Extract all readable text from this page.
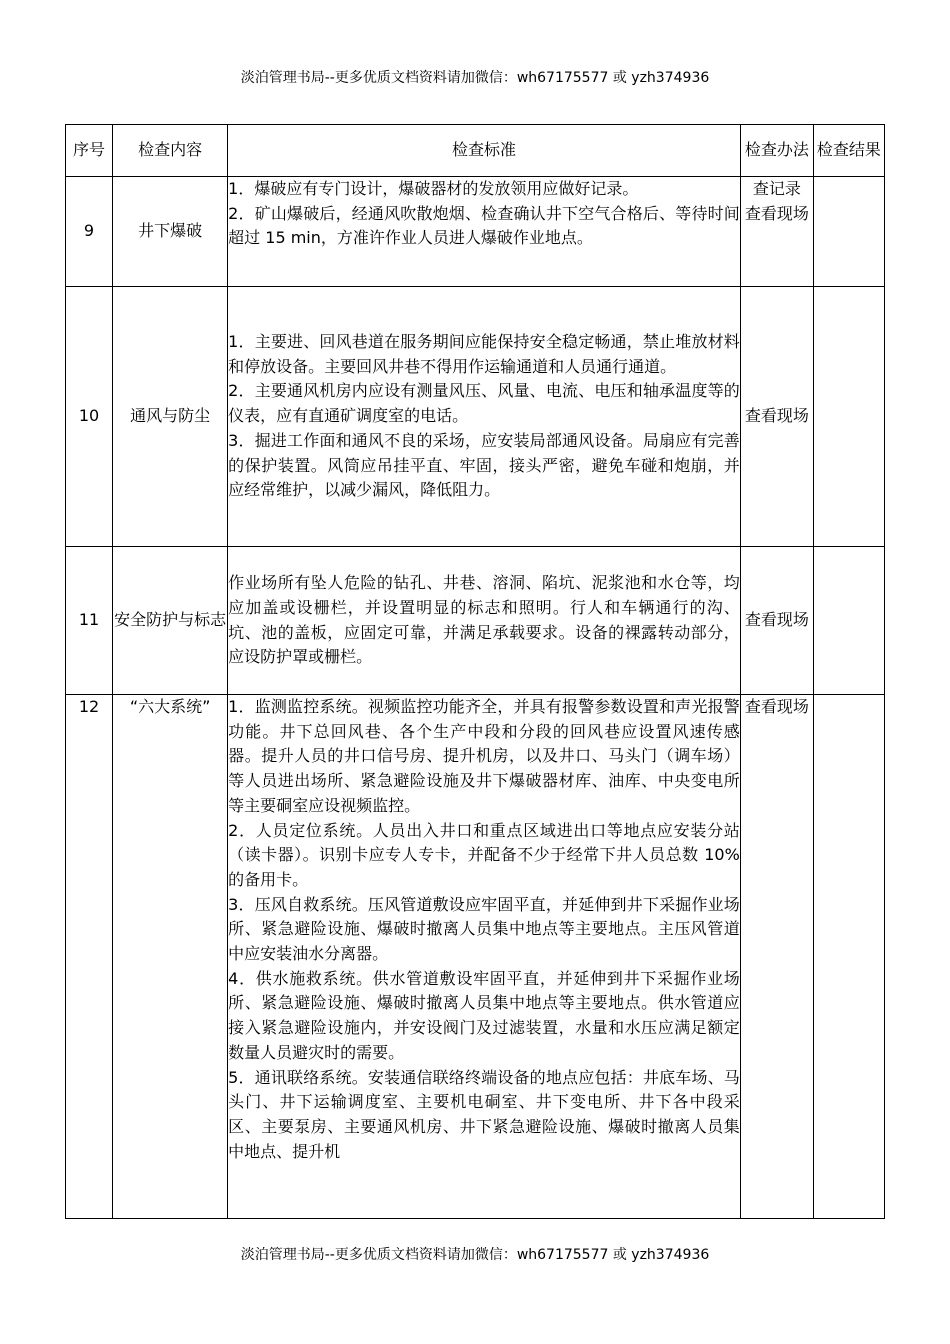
淡泊管理书局--更多优质文档资料请加微信：wh67175577 或 yzh374936
序号	检查内容	检查标准	检查办法	检查结果
9	井下爆破	1．爆破应有专门设计，爆破器材的发放领用应做好记录。
2．矿山爆破后，经通风吹散炮烟、检查确认井下空气合格后、等待时间超过 15 min，方准许作业人员进人爆破作业地点。	查记录
查看现场	

10	通风与防尘	1．主要进、回风巷道在服务期间应能保持安全稳定畅通，禁止堆放材料和停放设备。主要回风井巷不得用作运输通道和人员通行通道。
2．主要通风机房内应设有测量风压、风量、电流、电压和轴承温度等的仪表，应有直通矿调度室的电话。
3．掘进工作面和通风不良的采场，应安装局部通风设备。局扇应有完善的保护装置。风筒应吊挂平直、牢固，接头严密，避免车碰和炮崩，并应经常维护，以减少漏风，降低阻力。	查看现场	

11	安全防护与标志	作业场所有坠人危险的钻孔、井巷、溶洞、陷坑、泥浆池和水仓等，均应加盖或设栅栏，并设置明显的标志和照明。行人和车辆通行的沟、坑、池的盖板，应固定可靠，并满足承载要求。设备的裸露转动部分，应设防护罩或栅栏。	查看现场	

12	“六大系统”	1．监测监控系统。视频监控功能齐全，并具有报警参数设置和声光报警功能。井下总回风巷、各个生产中段和分段的回风巷应设置风速传感器。提升人员的井口信号房、提升机房，以及井口、马头门（调车场）等人员进出场所、紧急避险设施及井下爆破器材库、油库、中央变电所等主要硐室应设视频监控。
2．人员定位系统。人员出入井口和重点区域进出口等地点应安装分站（读卡器）。识别卡应专人专卡，并配备不少于经常下井人员总数 10%的备用卡。
3．压风自救系统。压风管道敷设应牢固平直，并延伸到井下采掘作业场所、紧急避险设施、爆破时撤离人员集中地点等主要地点。主压风管道中应安装油水分离器。
4．供水施救系统。供水管道敷设牢固平直，并延伸到井下采掘作业场所、紧急避险设施、爆破时撤离人员集中地点等主要地点。供水管道应接入紧急避险设施内，并安设阀门及过滤装置，水量和水压应满足额定数量人员避灾时的需要。
5．通讯联络系统。安装通信联络终端设备的地点应包括：井底车场、马头门、井下运输调度室、主要机电硐室、井下变电所、井下各中段采区、主要泵房、主要通风机房、井下紧急避险设施、爆破时撤离人员集中地点、提升机	查看现场	

淡泊管理书局--更多优质文档资料请加微信：wh67175577 或 yzh374936
